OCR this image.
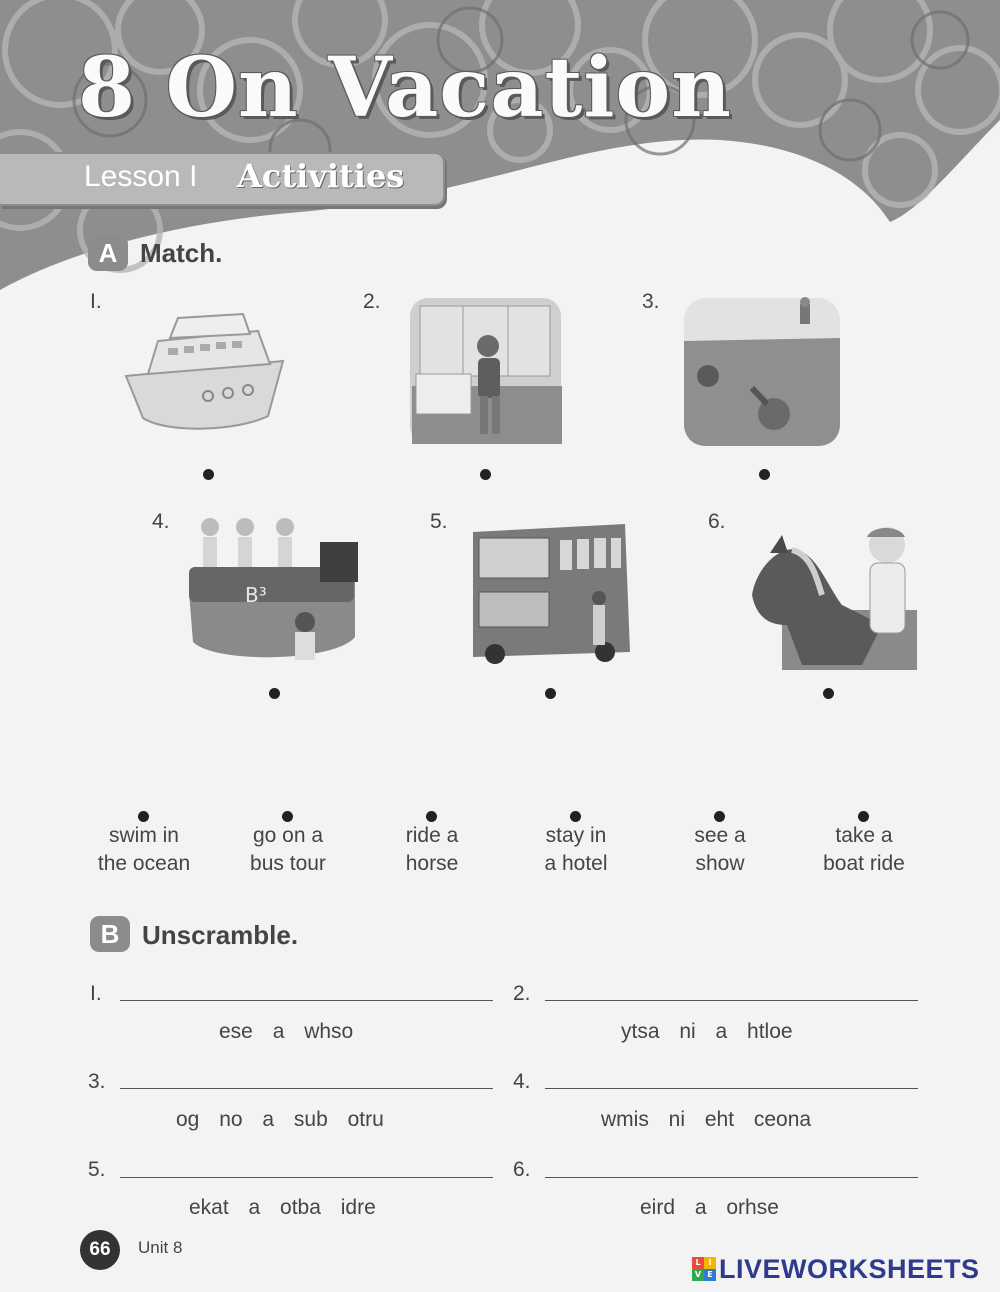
8 On Vacation
Lesson I Activities
A Match.
I.	2.	3.
4.	5.	6.
B³
swim in
the ocean
go on a
bus tour
ride a
horse
stay in
a hotel
see a
show
take a
boat ride
B Unscramble.
I.
ese a whso
2.
ytsa ni a htloe
3.
og no a sub otru
4.
wmis ni eht ceona
5.
ekat a otba idre
6.
eird a orhse
66	Unit 8
L I
V E LIVEWORKSHEETS
